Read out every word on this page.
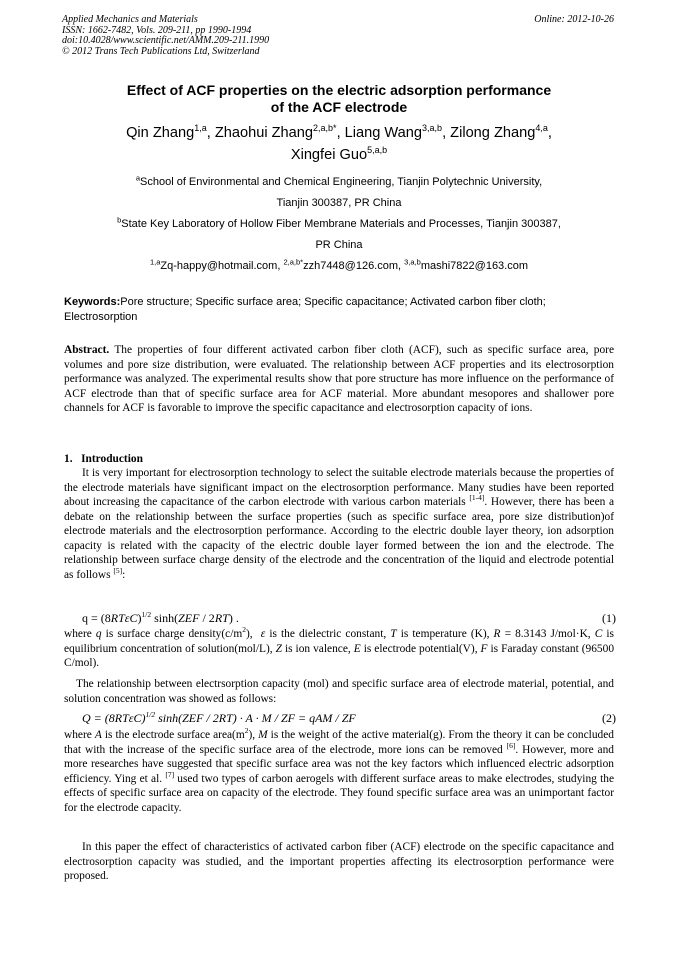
Applied Mechanics and Materials
ISSN: 1662-7482, Vols. 209-211, pp 1990-1994
doi:10.4028/www.scientific.net/AMM.209-211.1990
© 2012 Trans Tech Publications Ltd, Switzerland
Online: 2012-10-26
Effect of ACF properties on the electric adsorption performance
of the ACF electrode
Qin Zhang$^{1,a}$, Zhaohui Zhang$^{2,a,b*}$, Liang Wang$^{3,a,b}$, Zilong Zhang$^{4,a}$,
Xingfei Guo$^{5,a,b}$
$^a$School of Environmental and Chemical Engineering, Tianjin Polytechnic University,
Tianjin 300387, PR China
$^b$State Key Laboratory of Hollow Fiber Membrane Materials and Processes, Tianjin 300387,
PR China
$^{1,a}$Zq-happy@hotmail.com, $^{2,a,b*}$zzh7448@126.com, $^{3,a,b}$mashi7822@163.com
Keywords:Pore structure; Specific surface area; Specific capacitance; Activated carbon fiber cloth; Electrosorption
Abstract. The properties of four different activated carbon fiber cloth (ACF), such as specific surface area, pore volumes and pore size distribution, were evaluated. The relationship between ACF properties and its electrosorption performance was analyzed. The experimental results show that pore structure has more influence on the performance of ACF electrode than that of specific surface area for ACF material. More abundant mesopores and shallower pore channels for ACF is favorable to improve the specific capacitance and electrosorption capacity of ions.
1.   Introduction
It is very important for electrosorption technology to select the suitable electrode materials because the properties of the electrode materials have significant impact on the electrosorption performance. Many studies have been reported about increasing the capacitance of the carbon electrode with various carbon materials [1-4]. However, there has been a debate on the relationship between the surface properties (such as specific surface area, pore size distribution)of electrode materials and the electrosorption performance. According to the electric double layer theory, ion adsorption capacity is related with the capacity of the electric double layer formed between the ion and the electrode. The relationship between surface charge density of the electrode and the concentration of the liquid and electrode potential as follows [5]:
$q = (8RT\varepsilon C)^{1/2}$ sinh(ZEF / 2RT) .	(1)
where q is surface charge $density(c/m^2)$,  ε is the dielectric constant, T is temperature (K), R = 8.3143 J/mol·K, C is equilibrium concentration of solution(mol/L), Z is ion valence, E is electrode potential(V), F is Faraday constant (96500 C/mol).
The relationship between electrsorption capacity (mol) and specific surface area of electrode material, potential, and solution concentration was showed as follows:
$Q = (8RT\varepsilon C)^{1/2}$ sinh(ZEF / 2RT) · A · M / ZF = qAM / ZF	(2)
where A is the electrode surface $area(m^2)$, M is the weight of the active material(g). From the theory it can be concluded that with the increase of the specific surface area of the electrode, more ions can be removed [6]. However, more and more researches have suggested that specific surface area was not the key factors which influenced electric adsorption efficiency. Ying et al. [7] used two types of carbon aerogels with different surface areas to make electrodes, studying the effects of specific surface area on capacity of the electrode. They found specific surface area was an unimportant factor for the electrode capacity.
In this paper the effect of characteristics of activated carbon fiber (ACF) electrode on the specific capacitance and electrosorption capacity was studied, and the important properties affecting its electrosorption performance were proposed.
